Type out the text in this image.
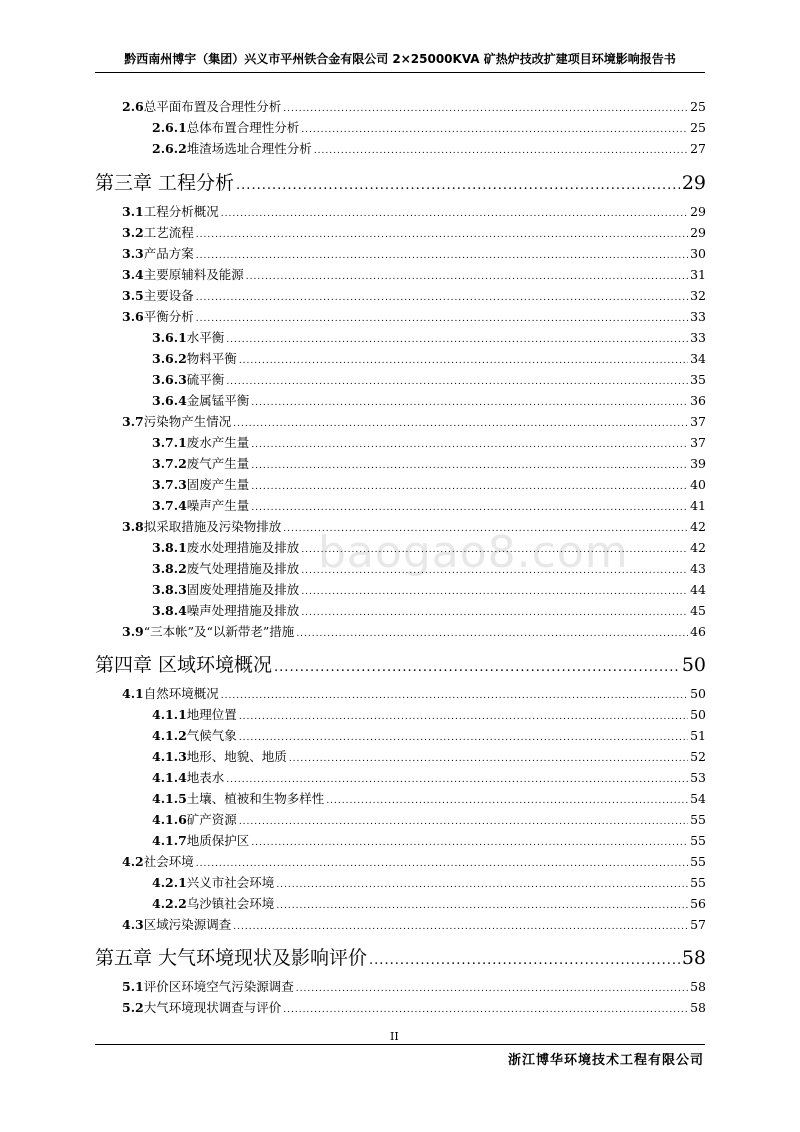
黔西南州博宇（集团）兴义市平州铁合金有限公司 2×25000KVA 矿热炉技改扩建项目环境影响报告书
baogao8.com
2.6 总平面布置及合理性分析 .....	25
2.6.1 总体布置合理性分析 .....	25
2.6.2 堆渣场选址合理性分析 .....	27
第三章 工程分析 .....	29
3.1 工程分析概况 .....	29
3.2 工艺流程 .....	29
3.3 产品方案 .....	30
3.4 主要原辅料及能源 .....	31
3.5 主要设备 .....	32
3.6 平衡分析 .....	33
3.6.1 水平衡 .....	33
3.6.2 物料平衡 .....	34
3.6.3 硫平衡 .....	35
3.6.4 金属锰平衡 .....	36
3.7 污染物产生情况 .....	37
3.7.1 废水产生量 .....	37
3.7.2 废气产生量 .....	39
3.7.3 固废产生量 .....	40
3.7.4 噪声产生量 .....	41
3.8 拟采取措施及污染物排放 .....	42
3.8.1 废水处理措施及排放 .....	42
3.8.2 废气处理措施及排放 .....	43
3.8.3 固废处理措施及排放 .....	44
3.8.4 噪声处理措施及排放 .....	45
3.9 “三本帐”及“以新带老”措施 .....	46
第四章 区域环境概况 .....	50
4.1 自然环境概况 .....	50
4.1.1 地理位置 .....	50
4.1.2 气候气象 .....	51
4.1.3 地形、地貌、地质 .....	52
4.1.4 地表水 .....	53
4.1.5 土壤、植被和生物多样性 .....	54
4.1.6 矿产资源 .....	55
4.1.7 地质保护区 .....	55
4.2 社会环境 .....	55
4.2.1 兴义市社会环境 .....	55
4.2.2 乌沙镇社会环境 .....	56
4.3 区域污染源调查 .....	57
第五章 大气环境现状及影响评价 .....	58
5.1 评价区环境空气污染源调查 .....	58
5.2 大气环境现状调查与评价 .....	58
II
浙江博华环境技术工程有限公司
